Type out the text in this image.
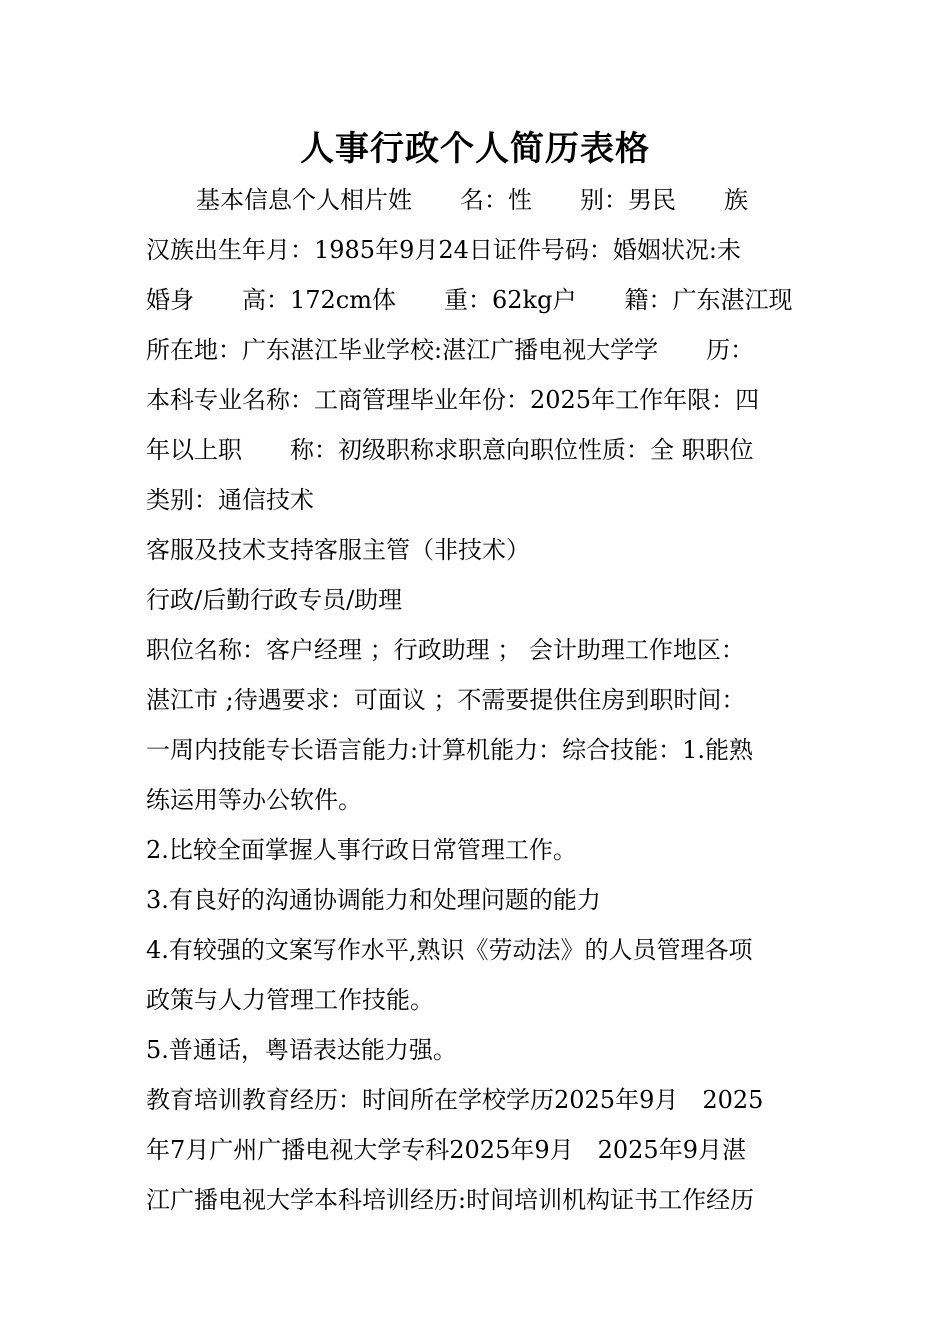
人事行政个人简历表格
基本信息个人相片姓　　名：性　　别：男民　　族
汉族出生年月：1985年9月24日证件号码：婚姻状况:未
婚身　　高：172cm体　　重：62kg户　　籍：广东湛江现
所在地：广东湛江毕业学校:湛江广播电视大学学　　历：
本科专业名称：工商管理毕业年份：2025年工作年限：四
年以上职　　称：初级职称求职意向职位性质：全 职职位
类别：通信技术
客服及技术支持客服主管（非技术）
行政/后勤行政专员/助理
职位名称：客户经理 ；行政助理 ； 会计助理工作地区：
湛江市 ;待遇要求：可面议 ；不需要提供住房到职时间：
一周内技能专长语言能力:计算机能力：综合技能：1.能熟
练运用等办公软件。
2.比较全面掌握人事行政日常管理工作。
3.有良好的沟通协调能力和处理问题的能力
4.有较强的文案写作水平,熟识《劳动法》的人员管理各项
政策与人力管理工作技能。
5.普通话，粤语表达能力强。
教育培训教育经历：时间所在学校学历2025年9月　2025
年7月广州广播电视大学专科2025年9月　2025年9月湛
江广播电视大学本科培训经历:时间培训机构证书工作经历
